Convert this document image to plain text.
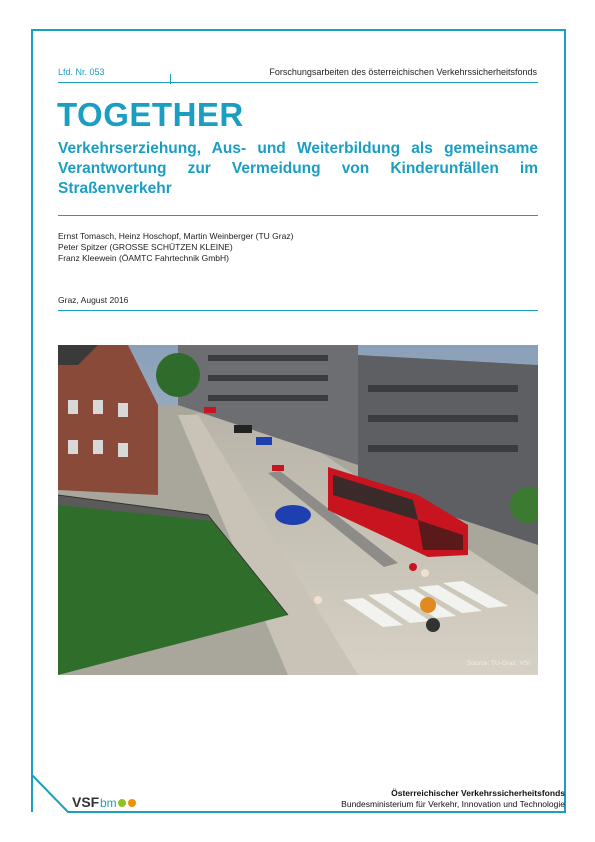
Lfd. Nr. 053	Forschungsarbeiten des österreichischen Verkehrssicherheitsfonds
TOGETHER
Verkehrserziehung, Aus- und Weiterbildung als gemeinsame Verantwortung zur Vermeidung von Kinderunfällen im Straßenverkehr
Ernst Tomasch, Heinz Hoschopf, Martin Weinberger (TU Graz)
Peter Spitzer (GROSSE SCHÜTZEN KLEINE)
Franz Kleewein (ÖAMTC Fahrtechnik GmbH)
Graz, August 2016
Source: TU-Graz, VSI
VSF bm
Österreichischer Verkehrssicherheitsfonds
Bundesministerium für Verkehr, Innovation und Technologie
